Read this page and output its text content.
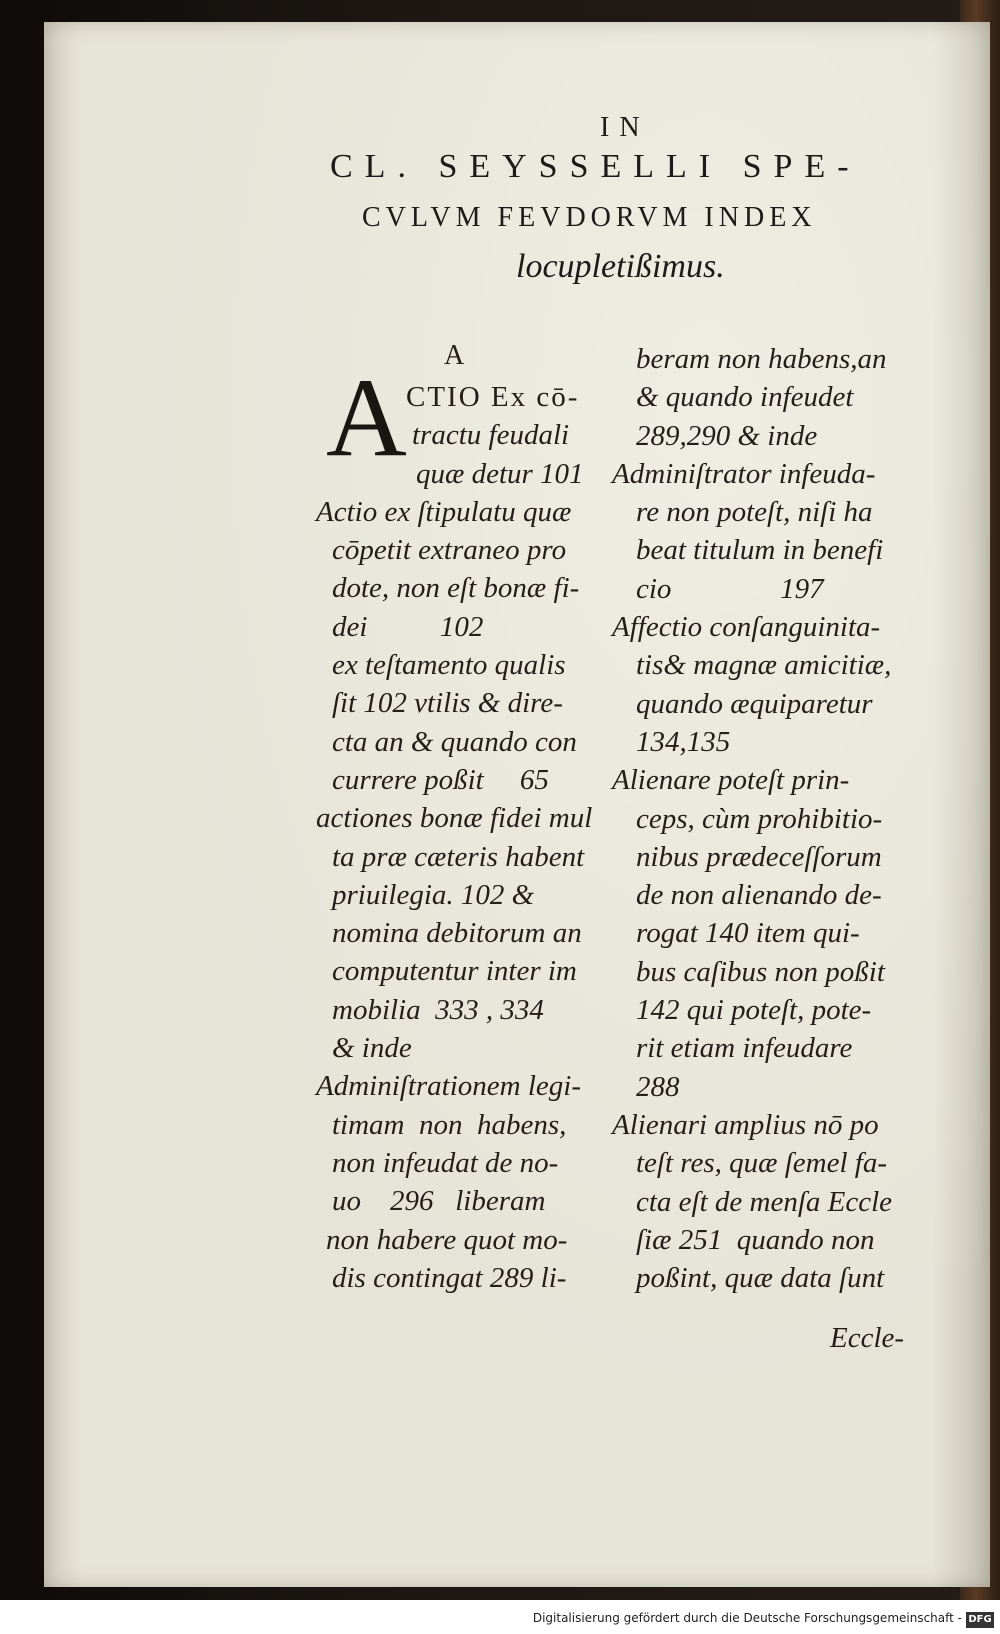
IN
CL. SEYSSELLI SPE-
CVLVM FEVDORVM INDEX
locupletißimus.
A
A CTIO Ex cō-
tractu feudali
quæ detur 101
Actio ex ſtipulatu quæ
cōpetit extraneo pro
dote, non eſt bonæ fi-
dei          102
ex teſtamento qualis
ſit 102 vtilis & dire-
cta an & quando con
currere poßit     65
actiones bonæ fidei mul
ta præ cæteris habent
priuilegia. 102 &
nomina debitorum an
computentur inter im
mobilia  333 , 334
& inde
Adminiſtrationem legi-
timam  non  habens,
non infeudat de no-
uo    296   liberam
non habere quot mo-
dis contingat 289 li-
beram non habens,an
& quando infeudet
289,290 & inde
Adminiſtrator infeuda-
re non poteſt, niſi ha
beat titulum in benefi
cio               197
Affectio conſanguinita-
tis& magnæ amicitiæ,
quando æquiparetur
134,135
Alienare poteſt prin-
ceps, cùm prohibitio-
nibus prædeceſſorum
de non alienando de-
rogat 140 item qui-
bus caſibus non poßit
142 qui poteſt, pote-
rit etiam infeudare
288
Alienari amplius nō po
teſt res, quæ ſemel fa-
cta eſt de menſa Eccle
ſiæ 251  quando non
poßint, quæ data ſunt
Eccle-
Digitalisierung gefördert durch die Deutsche Forschungsgemeinschaft - DFG
